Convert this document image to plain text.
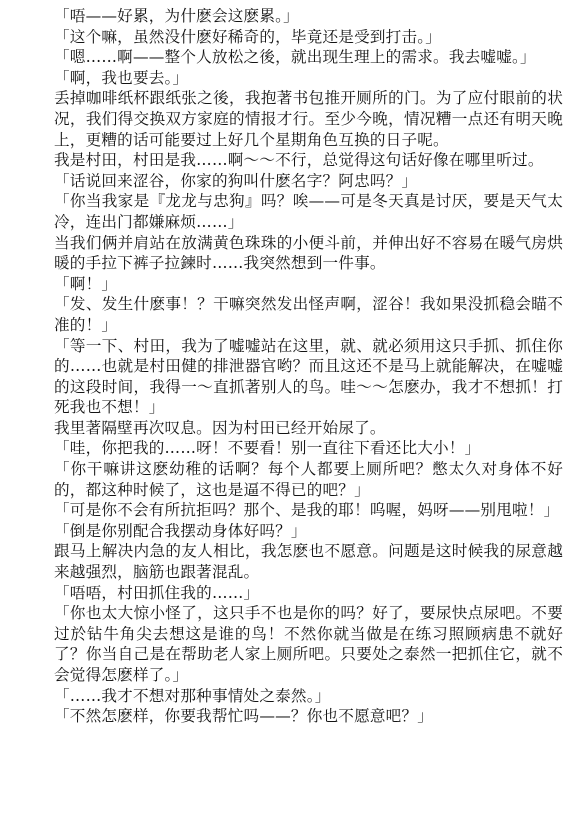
「唔——好累，为什麽会这麽累。」

「这个嘛，虽然没什麽好稀奇的，毕竟还是受到打击。」

「嗯……啊——整个人放松之後，就出现生理上的需求。我去嘘嘘。」

「啊，我也要去。」

丢掉咖啡纸杯跟纸张之後，我抱著书包推开厕所的门。为了应付眼前的状况，我们得交换双方家庭的情报才行。至少今晚，情况糟一点还有明天晚上，更糟的话可能要过上好几个星期角色互换的日子呢。

我是村田，村田是我……啊～～不行，总觉得这句话好像在哪里听过。

「话说回来涩谷，你家的狗叫什麽名字？阿忠吗？」

「你当我家是『龙龙与忠狗』吗？唉——可是冬天真是讨厌，要是天气太冷，连出门都嫌麻烦……」

当我们俩并肩站在放满黄色珠珠的小便斗前，并伸出好不容易在暖气房烘暖的手拉下裤子拉鍊时……我突然想到一件事。

「啊！」

「发、发生什麽事！？干嘛突然发出怪声啊，涩谷！我如果没抓稳会瞄不准的！」

「等一下、村田，我为了嘘嘘站在这里，就、就必须用这只手抓、抓住你的……也就是村田健的排泄器官哟？而且这还不是马上就能解决，在嘘嘘的这段时间，我得一～直抓著别人的鸟。哇～～怎麽办，我才不想抓！打死我也不想！」

我里著隔壁再次叹息。因为村田已经开始尿了。

「哇，你把我的……呀！不要看！别一直往下看还比大小！」

「你干嘛讲这麽幼稚的话啊？每个人都要上厕所吧？憋太久对身体不好的，都这种时候了，这也是逼不得已的吧？」

「可是你不会有所抗拒吗？那个、是我的耶！呜喔，妈呀——别甩啦！」

「倒是你别配合我摆动身体好吗？」

跟马上解决内急的友人相比，我怎麽也不愿意。问题是这时候我的尿意越来越强烈，脑筋也跟著混乱。

「唔唔，村田抓住我的……」

「你也太大惊小怪了，这只手不也是你的吗？好了，要尿快点尿吧。不要过於钻牛角尖去想这是谁的鸟！不然你就当做是在练习照顾病患不就好了？你当自己是在帮助老人家上厕所吧。只要处之泰然一把抓住它，就不会觉得怎麽样了。」

「……我才不想对那种事情处之泰然。」

「不然怎麽样，你要我帮忙吗——？你也不愿意吧？」
